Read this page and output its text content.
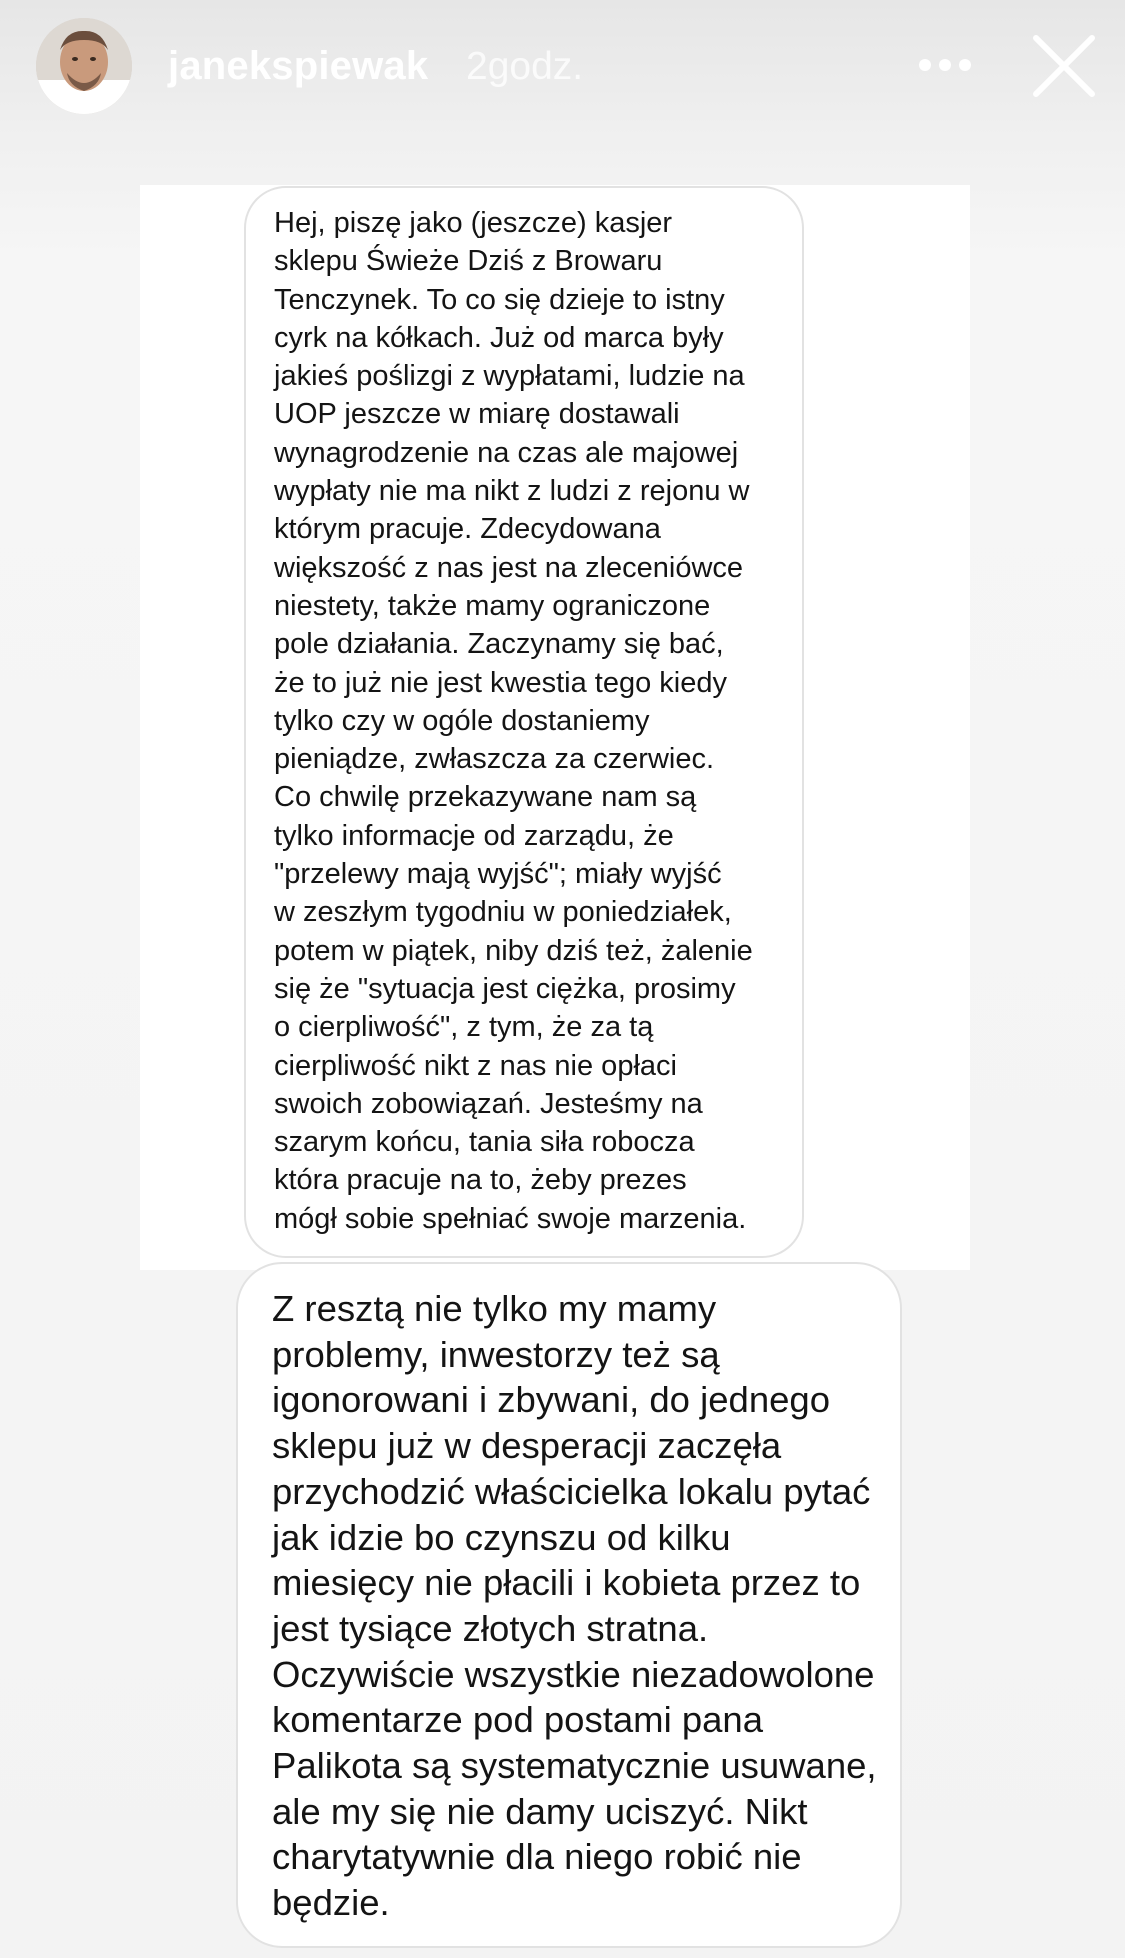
janekspiewak 2godz.
Hej, piszę jako (jeszcze) kasjer
sklepu Świeże Dziś z Browaru
Tenczynek. To co się dzieje to istny
cyrk na kółkach. Już od marca były
jakieś poślizgi z wypłatami, ludzie na
UOP jeszcze w miarę dostawali
wynagrodzenie na czas ale majowej
wypłaty nie ma nikt z ludzi z rejonu w
którym pracuje. Zdecydowana
większość z nas jest na zleceniówce
niestety, także mamy ograniczone
pole działania. Zaczynamy się bać,
że to już nie jest kwestia tego kiedy
tylko czy w ogóle dostaniemy
pieniądze, zwłaszcza za czerwiec.
Co chwilę przekazywane nam są
tylko informacje od zarządu, że
"przelewy mają wyjść"; miały wyjść
w zeszłym tygodniu w poniedziałek,
potem w piątek, niby dziś też, żalenie
się że "sytuacja jest ciężka, prosimy
o cierpliwość", z tym, że za tą
cierpliwość nikt z nas nie opłaci
swoich zobowiązań. Jesteśmy na
szarym końcu, tania siła robocza
która pracuje na to, żeby prezes
mógł sobie spełniać swoje marzenia.
Z resztą nie tylko my mamy
problemy, inwestorzy też są
igonorowani i zbywani, do jednego
sklepu już w desperacji zaczęła
przychodzić właścicielka lokalu pytać
jak idzie bo czynszu od kilku
miesięcy nie płacili i kobieta przez to
jest tysiące złotych stratna.
Oczywiście wszystkie niezadowolone
komentarze pod postami pana
Palikota są systematycznie usuwane,
ale my się nie damy uciszyć. Nikt
charytatywnie dla niego robić nie
będzie.
